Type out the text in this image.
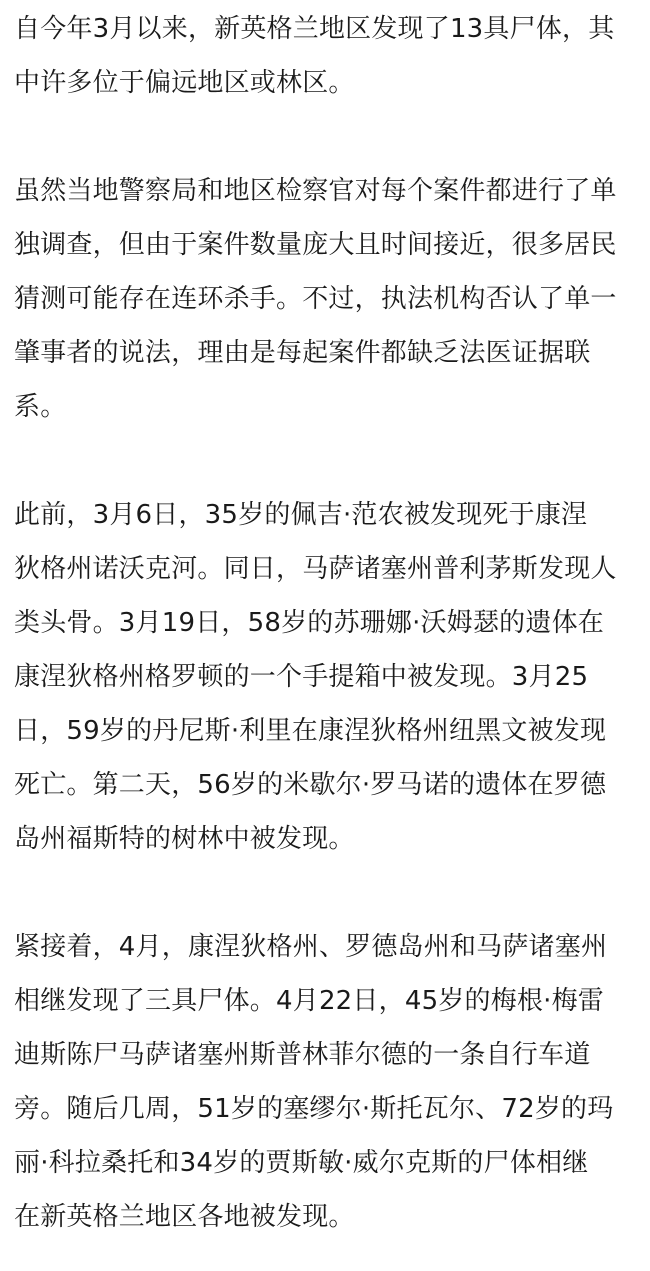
自今年3月以来，新英格兰地区发现了13具尸体，其
中许多位于偏远地区或林区。

虽然当地警察局和地区检察官对每个案件都进行了单
独调查，但由于案件数量庞大且时间接近，很多居民
猜测可能存在连环杀手。不过，执法机构否认了单一
肇事者的说法，理由是每起案件都缺乏法医证据联
系。

此前，3月6日，35岁的佩吉·范农被发现死于康涅
狄格州诺沃克河。同日，马萨诸塞州普利茅斯发现人
类头骨。3月19日，58岁的苏珊娜·沃姆瑟的遗体在
康涅狄格州格罗顿的一个手提箱中被发现。3月25
日，59岁的丹尼斯·利里在康涅狄格州纽黑文被发现
死亡。第二天，56岁的米歇尔·罗马诺的遗体在罗德
岛州福斯特的树林中被发现。

紧接着，4月，康涅狄格州、罗德岛州和马萨诸塞州
相继发现了三具尸体。4月22日，45岁的梅根·梅雷
迪斯陈尸马萨诸塞州斯普林菲尔德的一条自行车道
旁。随后几周，51岁的塞缪尔·斯托瓦尔、72岁的玛
丽·科拉桑托和34岁的贾斯敏·威尔克斯的尸体相继
在新英格兰地区各地被发现。
